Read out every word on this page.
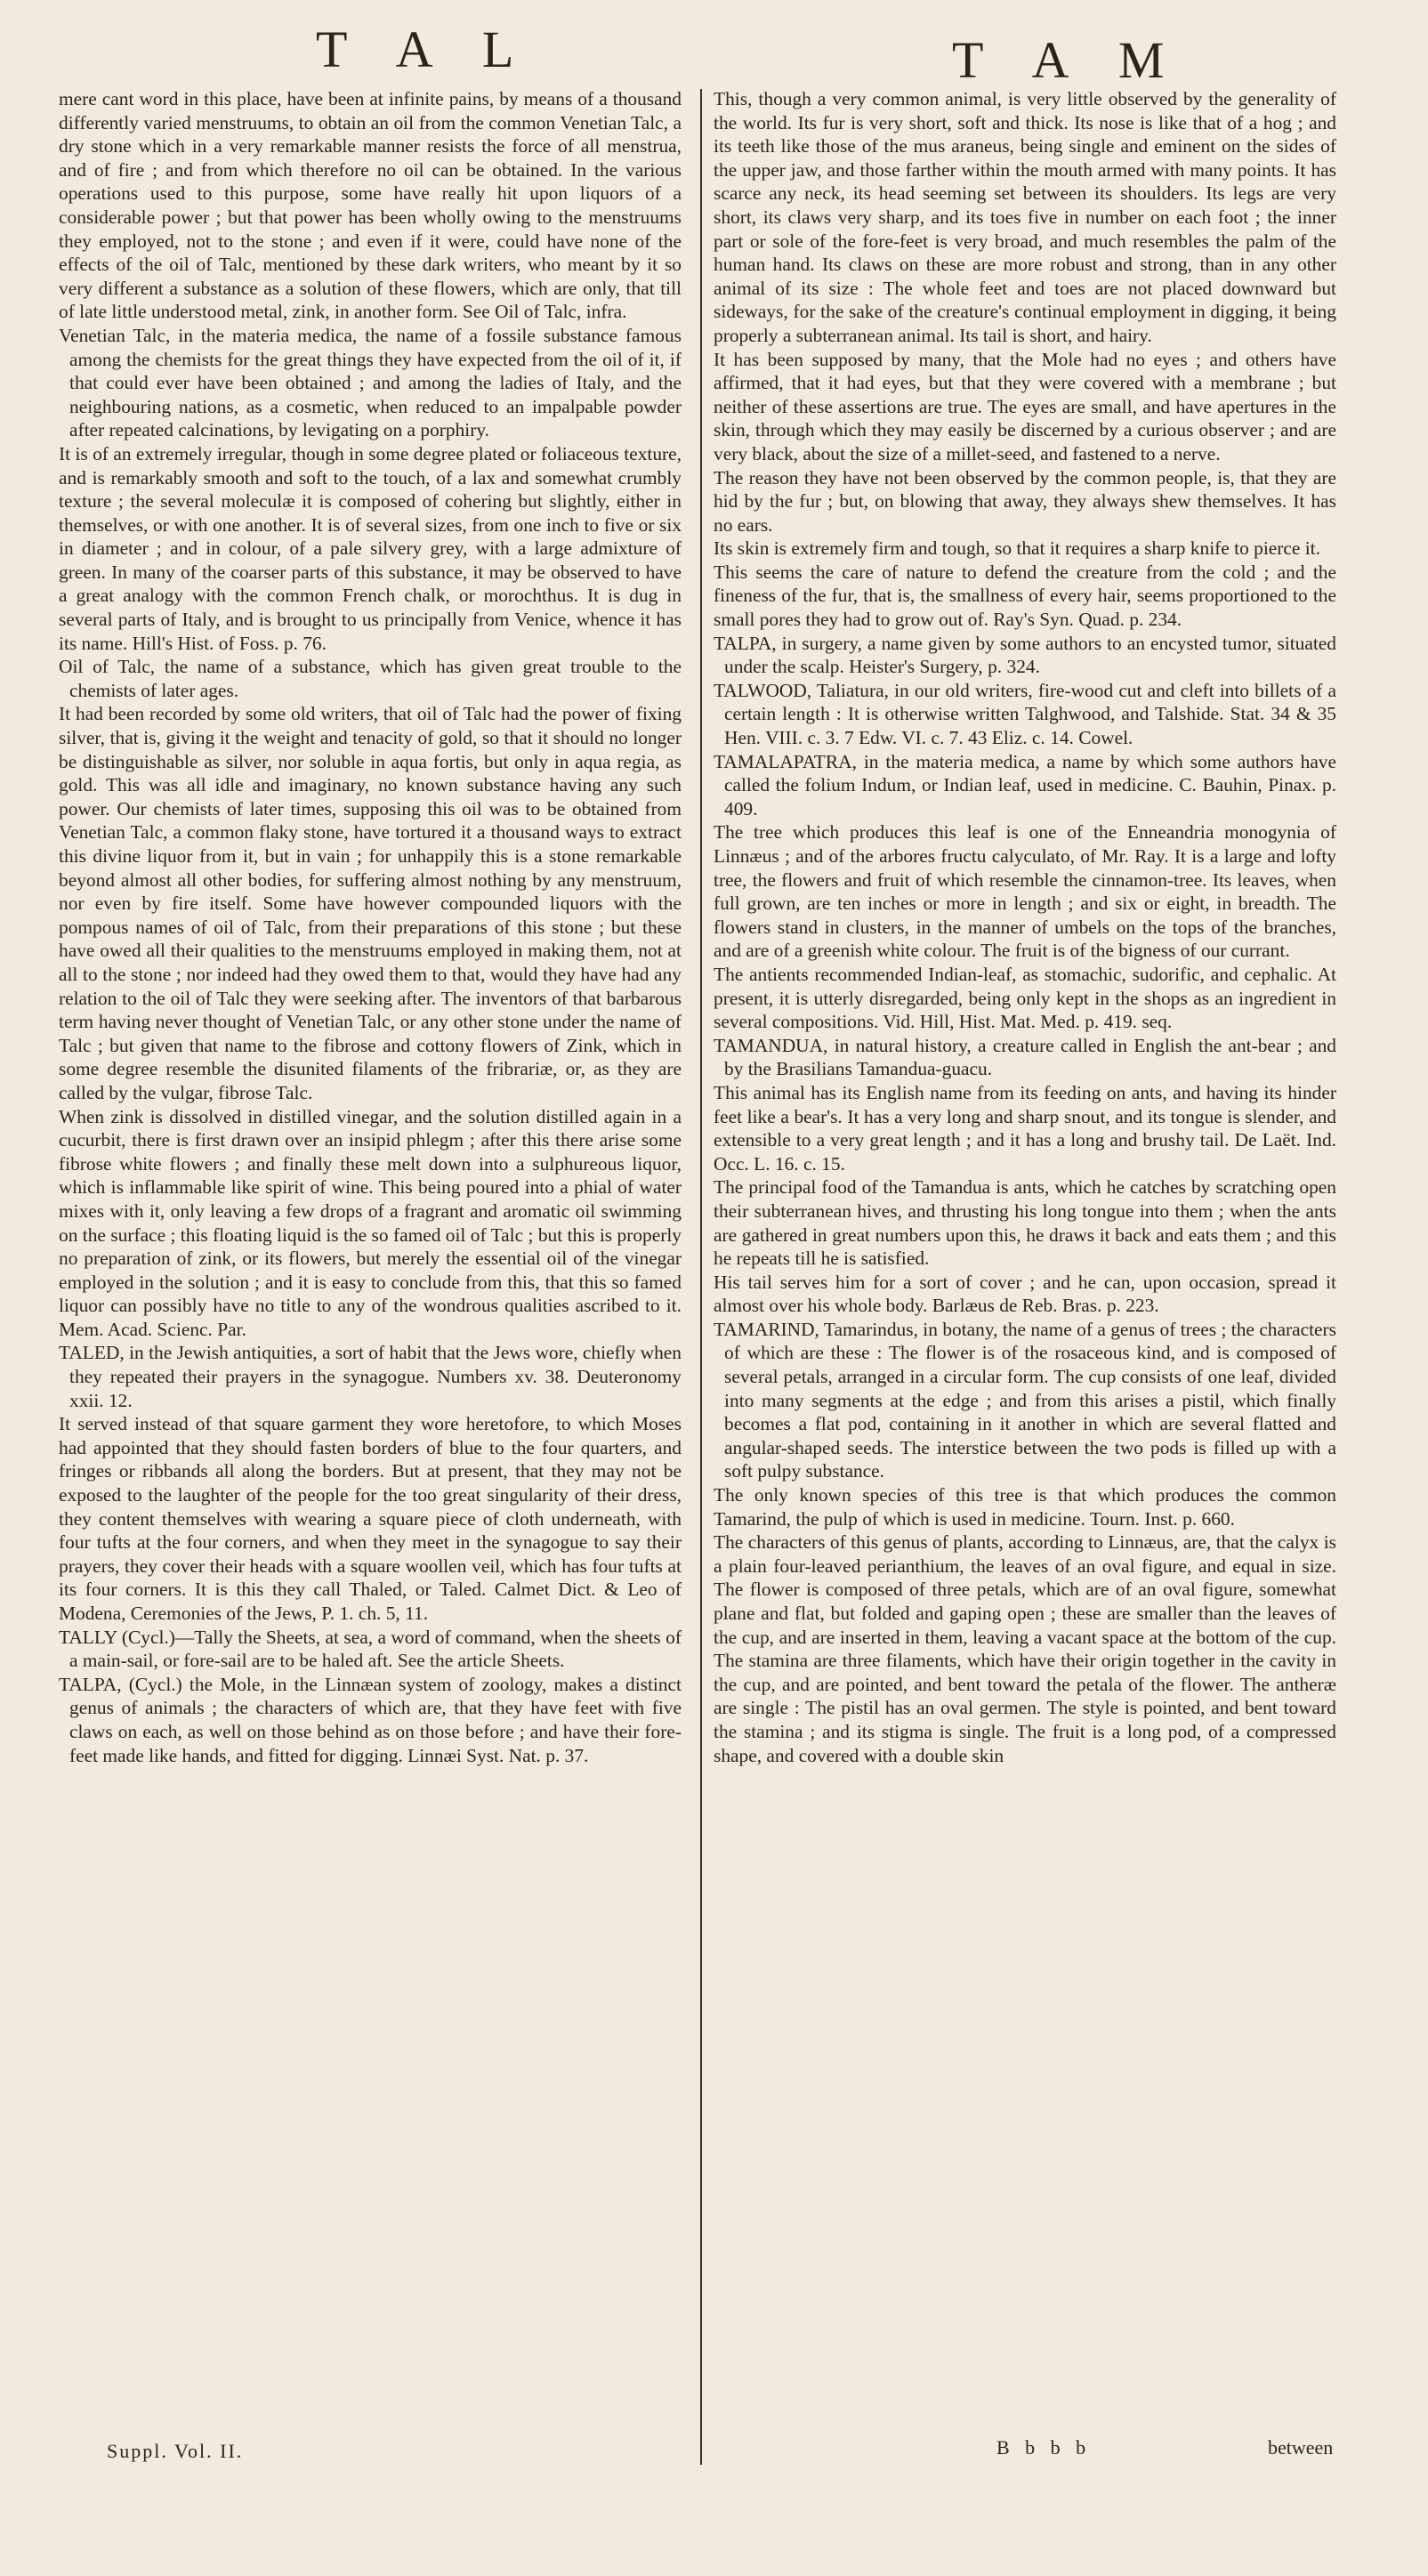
T A L	T A M

mere cant word in this place, have been at infinite pains, by means of a thousand differently varied menstruums, to obtain an oil from the common Venetian Talc, a dry stone which in a very remarkable manner resists the force of all menstrua, and of fire ; and from which therefore no oil can be obtained. In the various operations used to this purpose, some have really hit upon liquors of a considerable power ; but that power has been wholly owing to the menstruums they employed, not to the stone ; and even if it were, could have none of the effects of the oil of Talc, mentioned by these dark writers, who meant by it so very different a substance as a solution of these flowers, which are only, that till of late little understood metal, zink, in another form. See Oil of Talc, infra.

Venetian Talc, in the materia medica, the name of a fossile substance famous among the chemists for the great things they have expected from the oil of it, if that could ever have been obtained ; and among the ladies of Italy, and the neighbouring nations, as a cosmetic, when reduced to an impalpable powder after repeated calcinations, by levigating on a porphiry.

It is of an extremely irregular, though in some degree plated or foliaceous texture, and is remarkably smooth and soft to the touch, of a lax and somewhat crumbly texture ; the several moleculæ it is composed of cohering but slightly, either in themselves, or with one another. It is of several sizes, from one inch to five or six in diameter ; and in colour, of a pale silvery grey, with a large admixture of green. In many of the coarser parts of this substance, it may be observed to have a great analogy with the common French chalk, or morochthus. It is dug in several parts of Italy, and is brought to us principally from Venice, whence it has its name. Hill's Hist. of Foss. p. 76.

Oil of Talc, the name of a substance, which has given great trouble to the chemists of later ages.

It had been recorded by some old writers, that oil of Talc had the power of fixing silver, that is, giving it the weight and tenacity of gold, so that it should no longer be distinguishable as silver, nor soluble in aqua fortis, but only in aqua regia, as gold. This was all idle and imaginary, no known substance having any such power. Our chemists of later times, supposing this oil was to be obtained from Venetian Talc, a common flaky stone, have tortured it a thousand ways to extract this divine liquor from it, but in vain ; for unhappily this is a stone remarkable beyond almost all other bodies, for suffering almost nothing by any menstruum, nor even by fire itself. Some have however compounded liquors with the pompous names of oil of Talc, from their preparations of this stone ; but these have owed all their qualities to the menstruums employed in making them, not at all to the stone ; nor indeed had they owed them to that, would they have had any relation to the oil of Talc they were seeking after. The inventors of that barbarous term having never thought of Venetian Talc, or any other stone under the name of Talc ; but given that name to the fibrose and cottony flowers of Zink, which in some degree resemble the disunited filaments of the fribrariæ, or, as they are called by the vulgar, fibrose Talc.

When zink is dissolved in distilled vinegar, and the solution distilled again in a cucurbit, there is first drawn over an insipid phlegm ; after this there arise some fibrose white flowers ; and finally these melt down into a sulphureous liquor, which is inflammable like spirit of wine. This being poured into a phial of water mixes with it, only leaving a few drops of a fragrant and aromatic oil swimming on the surface ; this floating liquid is the so famed oil of Talc ; but this is properly no preparation of zink, or its flowers, but merely the essential oil of the vinegar employed in the solution ; and it is easy to conclude from this, that this so famed liquor can possibly have no title to any of the wondrous qualities ascribed to it. Mem. Acad. Scienc. Par.

TALED, in the Jewish antiquities, a sort of habit that the Jews wore, chiefly when they repeated their prayers in the synagogue. Numbers xv. 38. Deuteronomy xxii. 12.

It served instead of that square garment they wore heretofore, to which Moses had appointed that they should fasten borders of blue to the four quarters, and fringes or ribbands all along the borders. But at present, that they may not be exposed to the laughter of the people for the too great singularity of their dress, they content themselves with wearing a square piece of cloth underneath, with four tufts at the four corners, and when they meet in the synagogue to say their prayers, they cover their heads with a square woollen veil, which has four tufts at its four corners. It is this they call Thaled, or Taled. Calmet Dict. & Leo of Modena, Ceremonies of the Jews, P. 1. ch. 5, 11.

TALLY (Cycl.)—Tally the Sheets, at sea, a word of command, when the sheets of a main-sail, or fore-sail are to be haled aft. See the article Sheets.

TALPA, (Cycl.) the Mole, in the Linnæan system of zoology, makes a distinct genus of animals ; the characters of which are, that they have feet with five claws on each, as well on those behind as on those before ; and have their fore-feet made like hands, and fitted for digging. Linnæi Syst. Nat. p. 37.

This, though a very common animal, is very little observed by the generality of the world. Its fur is very short, soft and thick. Its nose is like that of a hog ; and its teeth like those of the mus araneus, being single and eminent on the sides of the upper jaw, and those farther within the mouth armed with many points. It has scarce any neck, its head seeming set between its shoulders. Its legs are very short, its claws very sharp, and its toes five in number on each foot ; the inner part or sole of the fore-feet is very broad, and much resembles the palm of the human hand. Its claws on these are more robust and strong, than in any other animal of its size : The whole feet and toes are not placed downward but sideways, for the sake of the creature's continual employment in digging, it being properly a subterranean animal. Its tail is short, and hairy.

It has been supposed by many, that the Mole had no eyes ; and others have affirmed, that it had eyes, but that they were covered with a membrane ; but neither of these assertions are true. The eyes are small, and have apertures in the skin, through which they may easily be discerned by a curious observer ; and are very black, about the size of a millet-seed, and fastened to a nerve.

The reason they have not been observed by the common people, is, that they are hid by the fur ; but, on blowing that away, they always shew themselves. It has no ears.

Its skin is extremely firm and tough, so that it requires a sharp knife to pierce it.

This seems the care of nature to defend the creature from the cold ; and the fineness of the fur, that is, the smallness of every hair, seems proportioned to the small pores they had to grow out of. Ray's Syn. Quad. p. 234.

TALPA, in surgery, a name given by some authors to an encysted tumor, situated under the scalp. Heister's Surgery, p. 324.

TALWOOD, Taliatura, in our old writers, fire-wood cut and cleft into billets of a certain length : It is otherwise written Talghwood, and Talshide. Stat. 34 & 35 Hen. VIII. c. 3. 7 Edw. VI. c. 7. 43 Eliz. c. 14. Cowel.

TAMALAPATRA, in the materia medica, a name by which some authors have called the folium Indum, or Indian leaf, used in medicine. C. Bauhin, Pinax. p. 409.

The tree which produces this leaf is one of the Enneandria monogynia of Linnæus ; and of the arbores fructu calyculato, of Mr. Ray. It is a large and lofty tree, the flowers and fruit of which resemble the cinnamon-tree. Its leaves, when full grown, are ten inches or more in length ; and six or eight, in breadth. The flowers stand in clusters, in the manner of umbels on the tops of the branches, and are of a greenish white colour. The fruit is of the bigness of our currant.

The antients recommended Indian-leaf, as stomachic, sudorific, and cephalic. At present, it is utterly disregarded, being only kept in the shops as an ingredient in several compositions. Vid. Hill, Hist. Mat. Med. p. 419. seq.

TAMANDUA, in natural history, a creature called in English the ant-bear ; and by the Brasilians Tamandua-guacu.

This animal has its English name from its feeding on ants, and having its hinder feet like a bear's. It has a very long and sharp snout, and its tongue is slender, and extensible to a very great length ; and it has a long and brushy tail. De Laët. Ind. Occ. L. 16. c. 15.

The principal food of the Tamandua is ants, which he catches by scratching open their subterranean hives, and thrusting his long tongue into them ; when the ants are gathered in great numbers upon this, he draws it back and eats them ; and this he repeats till he is satisfied.

His tail serves him for a sort of cover ; and he can, upon occasion, spread it almost over his whole body. Barlæus de Reb. Bras. p. 223.

TAMARIND, Tamarindus, in botany, the name of a genus of trees ; the characters of which are these : The flower is of the rosaceous kind, and is composed of several petals, arranged in a circular form. The cup consists of one leaf, divided into many segments at the edge ; and from this arises a pistil, which finally becomes a flat pod, containing in it another in which are several flatted and angular-shaped seeds. The interstice between the two pods is filled up with a soft pulpy substance.

The only known species of this tree is that which produces the common Tamarind, the pulp of which is used in medicine. Tourn. Inst. p. 660.

The characters of this genus of plants, according to Linnæus, are, that the calyx is a plain four-leaved perianthium, the leaves of an oval figure, and equal in size. The flower is composed of three petals, which are of an oval figure, somewhat plane and flat, but folded and gaping open ; these are smaller than the leaves of the cup, and are inserted in them, leaving a vacant space at the bottom of the cup. The stamina are three filaments, which have their origin together in the cavity in the cup, and are pointed, and bent toward the petala of the flower. The antheræ are single : The pistil has an oval germen. The style is pointed, and bent toward the stamina ; and its stigma is single. The fruit is a long pod, of a compressed shape, and covered with a double skin

Suppl. Vol. II.	B b b b	between
